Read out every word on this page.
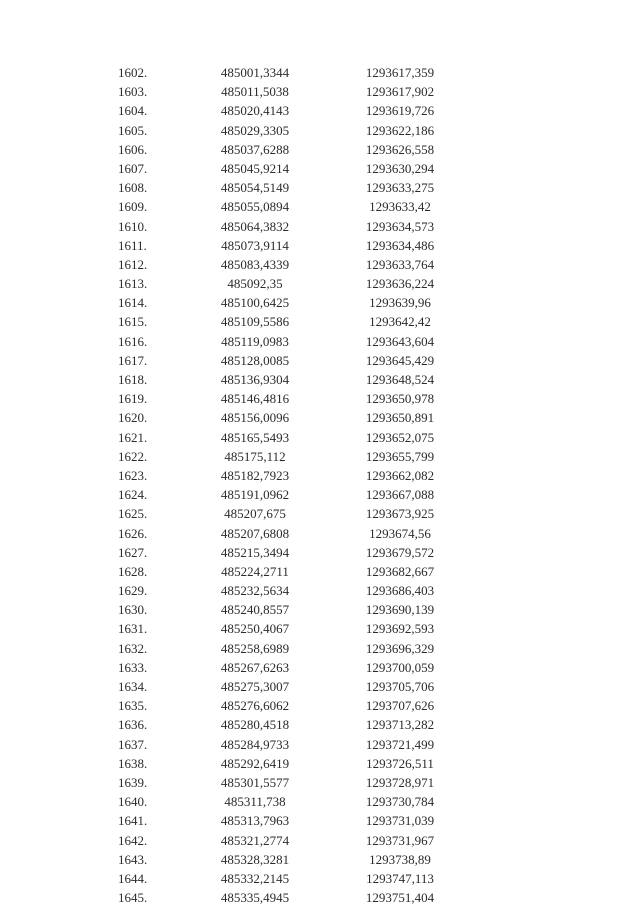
1602.	485001,3344	1293617,359
1603.	485011,5038	1293617,902
1604.	485020,4143	1293619,726
1605.	485029,3305	1293622,186
1606.	485037,6288	1293626,558
1607.	485045,9214	1293630,294
1608.	485054,5149	1293633,275
1609.	485055,0894	1293633,42
1610.	485064,3832	1293634,573
1611.	485073,9114	1293634,486
1612.	485083,4339	1293633,764
1613.	485092,35	1293636,224
1614.	485100,6425	1293639,96
1615.	485109,5586	1293642,42
1616.	485119,0983	1293643,604
1617.	485128,0085	1293645,429
1618.	485136,9304	1293648,524
1619.	485146,4816	1293650,978
1620.	485156,0096	1293650,891
1621.	485165,5493	1293652,075
1622.	485175,112	1293655,799
1623.	485182,7923	1293662,082
1624.	485191,0962	1293667,088
1625.	485207,675	1293673,925
1626.	485207,6808	1293674,56
1627.	485215,3494	1293679,572
1628.	485224,2711	1293682,667
1629.	485232,5634	1293686,403
1630.	485240,8557	1293690,139
1631.	485250,4067	1293692,593
1632.	485258,6989	1293696,329
1633.	485267,6263	1293700,059
1634.	485275,3007	1293705,706
1635.	485276,6062	1293707,626
1636.	485280,4518	1293713,282
1637.	485284,9733	1293721,499
1638.	485292,6419	1293726,511
1639.	485301,5577	1293728,971
1640.	485311,738	1293730,784
1641.	485313,7963	1293731,039
1642.	485321,2774	1293731,967
1643.	485328,3281	1293738,89
1644.	485332,2145	1293747,113
1645.	485335,4945	1293751,404
